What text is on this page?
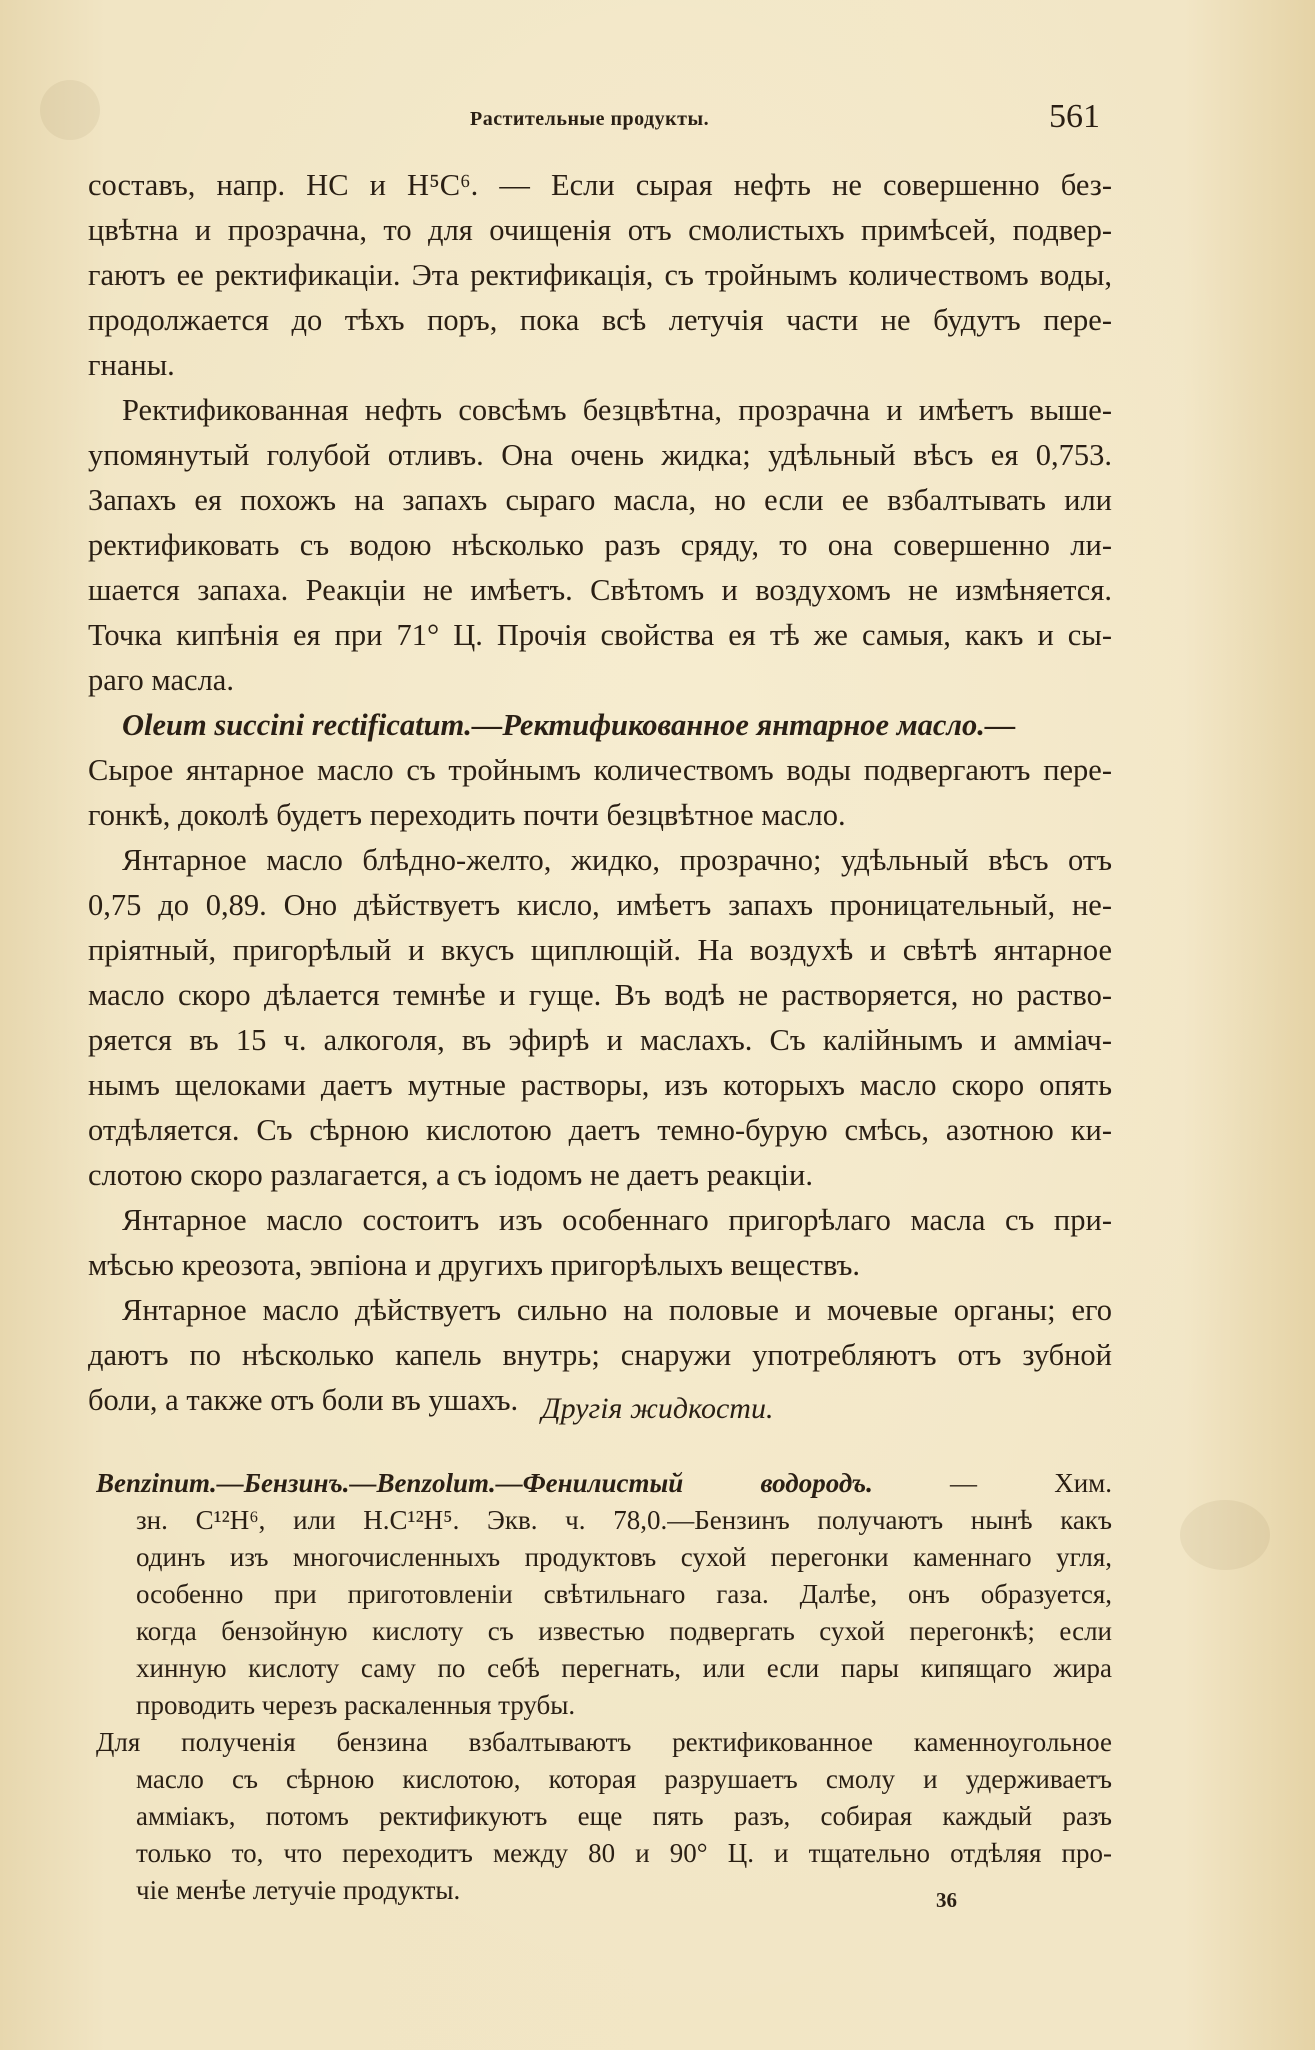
Растительные продукты.	561
составъ, напр. НС и Н⁵С⁶. — Если сырая нефть не совершенно без-
цвѣтна и прозрачна, то для очищенія отъ смолистыхъ примѣсей, подвер-
гаютъ ее ректификаціи. Эта ректификація, съ тройнымъ количествомъ воды,
продолжается до тѣхъ поръ, пока всѣ летучія части не будутъ пере-
гнаны.
Ректификованная нефть совсѣмъ безцвѣтна, прозрачна и имѣетъ выше-
упомянутый голубой отливъ. Она очень жидка; удѣльный вѣсъ ея 0,753.
Запахъ ея похожъ на запахъ сыраго масла, но если ее взбалтывать или
ректификовать съ водою нѣсколько разъ сряду, то она совершенно ли-
шается запаха. Реакціи не имѣетъ. Свѣтомъ и воздухомъ не измѣняется.
Точка кипѣнія ея при 71° Ц. Прочія свойства ея тѣ же самыя, какъ и сы-
раго масла.
Oleum succini rectificatum.—Ректификованное янтарное масло.—
Сырое янтарное масло съ тройнымъ количествомъ воды подвергаютъ пере-
гонкѣ, доколѣ будетъ переходить почти безцвѣтное масло.
Янтарное масло блѣдно-желто, жидко, прозрачно; удѣльный вѣсъ отъ
0,75 до 0,89. Оно дѣйствуетъ кисло, имѣетъ запахъ проницательный, не-
пріятный, пригорѣлый и вкусъ щиплющій. На воздухѣ и свѣтѣ янтарное
масло скоро дѣлается темнѣе и гуще. Въ водѣ не растворяется, но раство-
ряется въ 15 ч. алкоголя, въ эфирѣ и маслахъ. Съ калійнымъ и амміач-
нымъ щелоками даетъ мутные растворы, изъ которыхъ масло скоро опять
отдѣляется. Съ сѣрною кислотою даетъ темно-бурую смѣсь, азотною ки-
слотою скоро разлагается, а съ іодомъ не даетъ реакціи.
Янтарное масло состоитъ изъ особеннаго пригорѣлаго масла съ при-
мѣсью креозота, эвпіона и другихъ пригорѣлыхъ веществъ.
Янтарное масло дѣйствуетъ сильно на половые и мочевые органы; его
даютъ по нѣсколько капель внутрь; снаружи употребляютъ отъ зубной
боли, а также отъ боли въ ушахъ. Другія жидкости.
Benzinum.—Бензинъ.—Benzolum.—Фенилистый водородъ. — Хим.
зн. C¹²H⁶, или H.C¹²H⁵. Экв. ч. 78,0.—Бензинъ получаютъ нынѣ какъ
одинъ изъ многочисленныхъ продуктовъ сухой перегонки каменнаго угля,
особенно при приготовленіи свѣтильнаго газа. Далѣе, онъ образуется,
когда бензойную кислоту съ известью подвергать сухой перегонкѣ; если
хинную кислоту саму по себѣ перегнать, или если пары кипящаго жира
проводить черезъ раскаленныя трубы.
Для полученія бензина взбалтываютъ ректификованное каменноугольное
масло съ сѣрною кислотою, которая разрушаетъ смолу и удерживаетъ
амміакъ, потомъ ректификуютъ еще пять разъ, собирая каждый разъ
только то, что переходитъ между 80 и 90° Ц. и тщательно отдѣляя про-
чіе менѣе летучіе продукты.	36
